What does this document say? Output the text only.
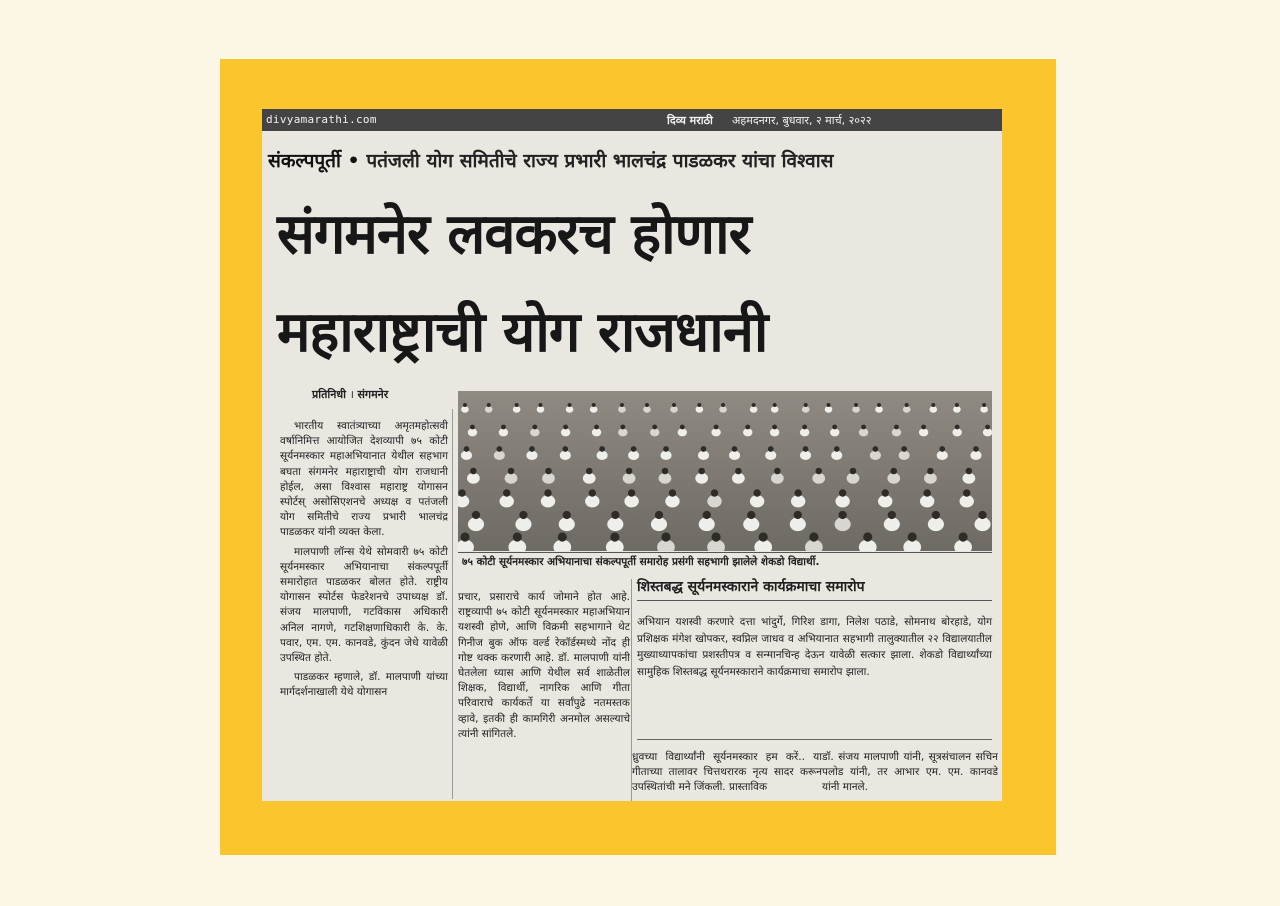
divyamarathi.com	दिव्य मराठी अहमदनगर, बुधवार, २ मार्च, २०२२
संकल्पपूर्ती • पतंजली योग समितीचे राज्य प्रभारी भालचंद्र पाडळकर यांचा विश्वास
संगमनेर लवकरच होणार
महाराष्ट्राची योग राजधानी
प्रतिनिधी । संगमनेर

भारतीय स्वातंत्र्याच्या अमृतमहोत्सवी वर्षानिमित्त आयोजित देशव्यापी ७५ कोटी सूर्यनमस्कार महाअभियानात येथील सहभाग बघता संगमनेर महाराष्ट्राची योग राजधानी होईल, असा विश्वास महाराष्ट्र योगासन स्पोर्टस् असोसिएशनचे अध्यक्ष व पतंजली योग समितीचे राज्य प्रभारी भालचंद्र पाडळकर यांनी व्यक्त केला.

मालपाणी लॉन्स येथे सोमवारी ७५ कोटी सूर्यनमस्कार अभियानाचा संकल्पपूर्ती समारोहात पाडळकर बोलत होते. राष्ट्रीय योगासन स्पोर्टस फेडरेशनचे उपाध्यक्ष डॉ. संजय मालपाणी, गटविकास अधिकारी अनिल नागणे, गटशिक्षणाधिकारी के. के. पवार, एम. एम. कानवडे, कुंदन जेधे यावेळी उपस्थित होते.

पाडळकर म्हणाले, डॉ. मालपाणी यांच्या मार्गदर्शनाखाली येथे योगासन

७५ कोटी सूर्यनमस्कार अभियानाचा संकल्पपूर्ती समारोह प्रसंगी सहभागी झालेले शेकडो विद्यार्थी.

प्रचार, प्रसाराचे कार्य जोमाने होत आहे. राष्ट्रव्यापी ७५ कोटी सूर्यनमस्कार महाअभियान यशस्वी होणे, आणि विक्रमी सहभागाने थेट गिनीज बुक ऑफ वर्ल्ड रेकॉर्डस्मध्ये नोंद ही गोष्ट थक्क करणारी आहे. डॉ. मालपाणी यांनी घेतलेला ध्यास आणि येथील सर्व शाळेतील शिक्षक, विद्यार्थी, नागरिक आणि गीता परिवाराचे कार्यकर्ते या सर्वांपुढे नतमस्तक व्हावे, इतकी ही कामगिरी अनमोल असल्याचे त्यांनी सांगितले.

शिस्तबद्ध सूर्यनमस्काराने कार्यक्रमाचा समारोप
अभियान यशस्वी करणारे दत्ता भांदुर्गे, गिरिश डागा, निलेश पठाडे, सोमनाथ बोरहाडे, योग प्रशिक्षक मंगेश खोपकर, स्वप्निल जाधव व अभियानात सहभागी तालुक्यातील २२ विद्यालयातील मुख्याध्यापकांचा प्रशस्तीपत्र व सन्मानचिन्ह देऊन यावेळी सत्कार झाला. शेकडो विद्यार्थ्यांच्या सामुहिक शिस्तबद्ध सूर्यनमस्काराने कार्यक्रमाचा समारोप झाला.

ध्रुवच्या विद्यार्थ्यांनी सूर्यनमस्कार हम करें.. या गीताच्या तालावर चित्तथरारक नृत्य सादर करून उपस्थितांची मने जिंकली. प्रास्ताविक

डॉ. संजय मालपाणी यांनी, सूत्रसंचालन सचिन पलोड यांनी, तर आभार एम. एम. कानवडे यांनी मानले.
